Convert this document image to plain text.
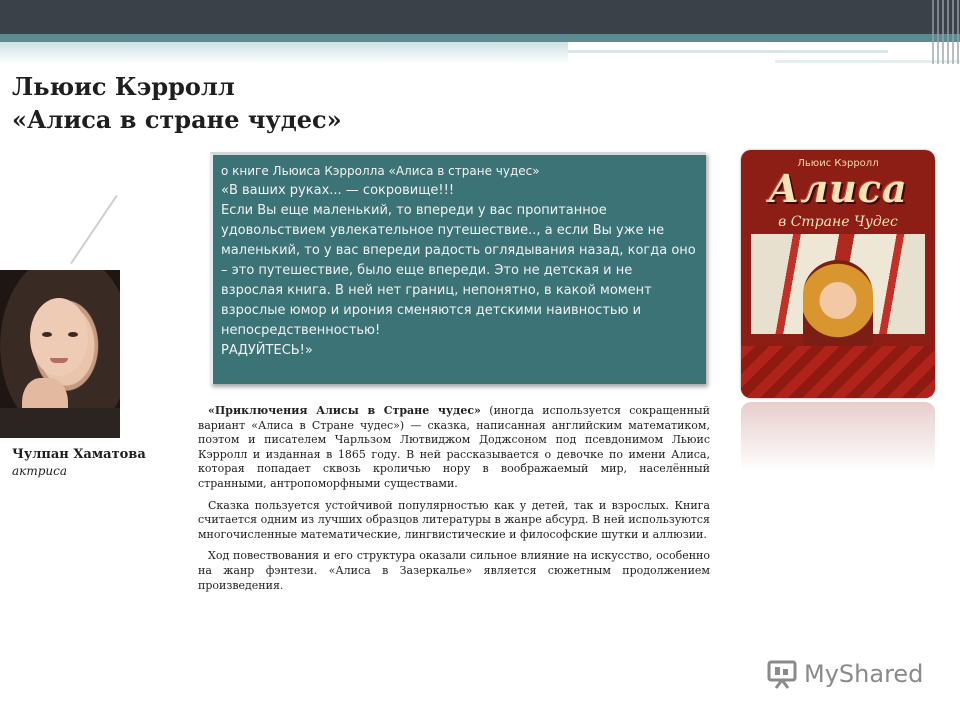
Льюис Кэрролл
«Алиса в стране чудес»
Чулпан Хаматова
актриса

о книге Льюиса Кэрролла «Алиса в стране чудес»

«В ваших руках... — сокровище!!!

Если Вы еще маленький, то впереди у вас пропитанное удовольствием увлекательное путешествие.., а если Вы уже не маленький, то у вас впереди радость оглядывания назад, когда оно – это путешествие, было еще впереди. Это не детская и не взрослая книга. В ней нет границ, непонятно, в какой момент взрослые юмор и ирония сменяются детскими наивностью и непосредственностью!

РАДУЙТЕСЬ!»

Льюис Кэрролл
Алиса
в Стране Чудес

«Приключения Алисы в Стране чудес» (иногда используется сокращенный вариант «Алиса в Стране чудес») — сказка, написанная английским математиком, поэтом и писателем Чарльзом Лютвиджом Доджсоном под псевдонимом Льюис Кэрролл и изданная в 1865 году. В ней рассказывается о девочке по имени Алиса, которая попадает сквозь кроличью нору в воображаемый мир, населённый странными, антропоморфными существами.

Сказка пользуется устойчивой популярностью как у детей, так и взрослых. Книга считается одним из лучших образцов литературы в жанре абсурд. В ней используются многочисленные математические, лингвистические и философские шутки и аллюзии.

Ход повествования и его структура оказали сильное влияние на искусство, особенно на жанр фэнтези. «Алиса в Зазеркалье» является сюжетным продолжением произведения.

MyShared
